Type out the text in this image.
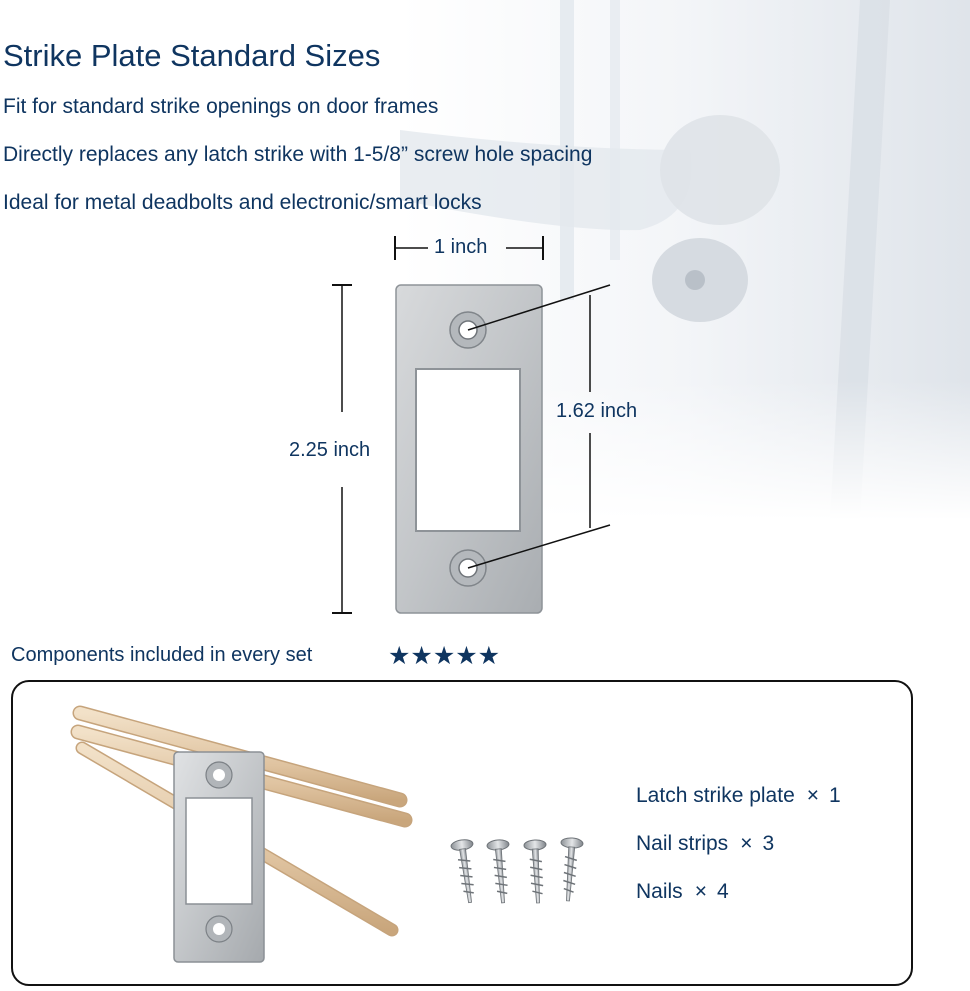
Strike Plate Standard Sizes
Fit for standard strike openings on door frames
Directly replaces any latch strike with 1-5/8” screw hole spacing
Ideal for metal deadbolts and electronic/smart locks
1 inch
2.25 inch
1.62 inch
Components included in every set	★★★★★
Latch strike plate × 1
Nail strips × 3
Nails × 4
